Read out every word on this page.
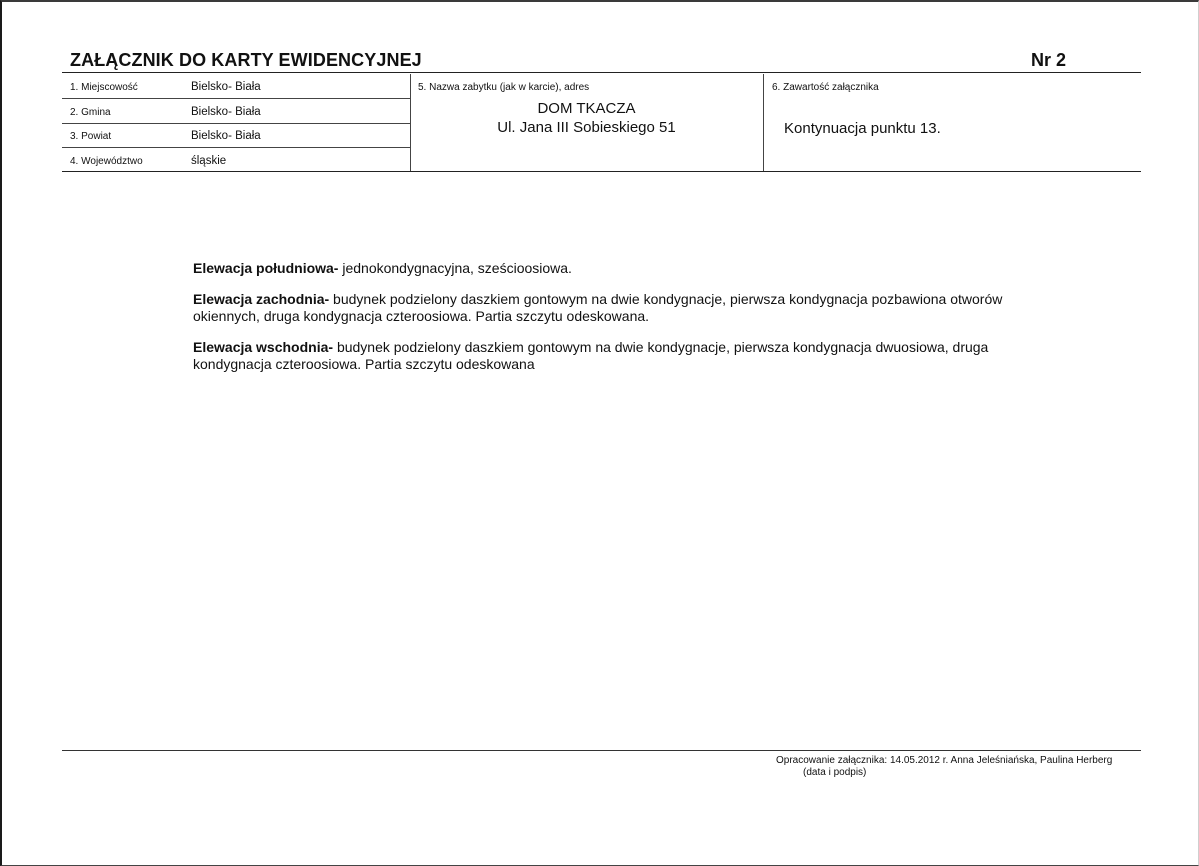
ZAŁĄCZNIK DO KARTY EWIDENCYJNEJ	Nr 2
1. Miejscowość	Bielsko- Biała
2. Gmina	Bielsko- Biała
3. Powiat	Bielsko- Biała
4. Województwo	śląskie
5. Nazwa zabytku (jak w karcie), adres
DOM TKACZA
Ul. Jana III Sobieskiego 51
6. Zawartość załącznika
Kontynuacja punktu 13.

Elewacja południowa- jednokondygnacyjna, sześcioosiowa.

Elewacja zachodnia- budynek podzielony daszkiem gontowym na dwie kondygnacje, pierwsza kondygnacja pozbawiona otworów okiennych, druga kondygnacja czteroosiowa. Partia szczytu odeskowana.

Elewacja wschodnia- budynek podzielony daszkiem gontowym na dwie kondygnacje, pierwsza kondygnacja dwuosiowa, druga kondygnacja czteroosiowa. Partia szczytu odeskowana

Opracowanie załącznika: 14.05.2012 r. Anna Jeleśniańska, Paulina Herberg
(data i podpis)
